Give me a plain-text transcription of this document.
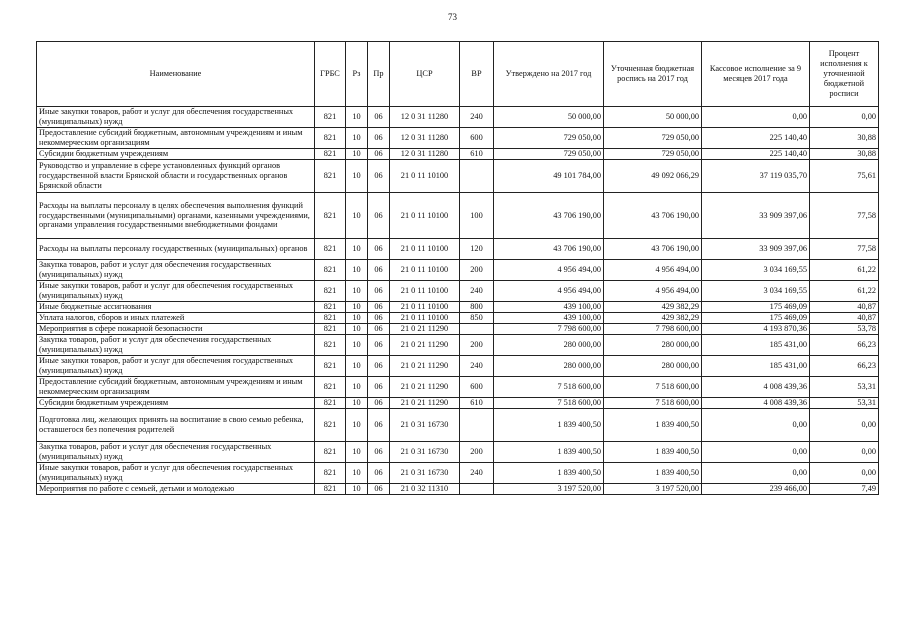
73
Наименование	ГРБС	Рз	Пр	ЦСР	ВР	Утверждено на 2017 год	Уточненная бюджетная роспись на 2017 год	Кассовое исполнение за 9 месяцев 2017 года	Процент исполнения к уточненной бюджетной росписи
Иные закупки товаров, работ и услуг для обеспечения государственных (муниципальных) нужд	821	10	06	12 0 31 11280	240	50 000,00	50 000,00	0,00	0,00
Предоставление субсидий бюджетным, автономным учреждениям и иным некоммерческим организациям	821	10	06	12 0 31 11280	600	729 050,00	729 050,00	225 140,40	30,88
Субсидии бюджетным учреждениям	821	10	06	12 0 31 11280	610	729 050,00	729 050,00	225 140,40	30,88
Руководство и управление в сфере установленных функций органов государственной власти Брянской области и государственных органов Брянской области	821	10	06	21 0 11 10100		49 101 784,00	49 092 066,29	37 119 035,70	75,61
Расходы на выплаты персоналу в целях обеспечения выполнения функций государственными (муниципальными) органами, казенными учреждениями, органами управления государственными внебюджетными фондами	821	10	06	21 0 11 10100	100	43 706 190,00	43 706 190,00	33 909 397,06	77,58
Расходы на выплаты персоналу государственных (муниципальных) органов	821	10	06	21 0 11 10100	120	43 706 190,00	43 706 190,00	33 909 397,06	77,58
Закупка товаров, работ и услуг для обеспечения государственных (муниципальных) нужд	821	10	06	21 0 11 10100	200	4 956 494,00	4 956 494,00	3 034 169,55	61,22
Иные закупки товаров, работ и услуг для обеспечения государственных (муниципальных) нужд	821	10	06	21 0 11 10100	240	4 956 494,00	4 956 494,00	3 034 169,55	61,22
Иные бюджетные ассигнования	821	10	06	21 0 11 10100	800	439 100,00	429 382,29	175 469,09	40,87
Уплата налогов, сборов и иных платежей	821	10	06	21 0 11 10100	850	439 100,00	429 382,29	175 469,09	40,87
Мероприятия в сфере пожарной безопасности	821	10	06	21 0 21 11290		7 798 600,00	7 798 600,00	4 193 870,36	53,78
Закупка товаров, работ и услуг для обеспечения государственных (муниципальных) нужд	821	10	06	21 0 21 11290	200	280 000,00	280 000,00	185 431,00	66,23
Иные закупки товаров, работ и услуг для обеспечения государственных (муниципальных) нужд	821	10	06	21 0 21 11290	240	280 000,00	280 000,00	185 431,00	66,23
Предоставление субсидий бюджетным, автономным учреждениям и иным некоммерческим организациям	821	10	06	21 0 21 11290	600	7 518 600,00	7 518 600,00	4 008 439,36	53,31
Субсидии бюджетным учреждениям	821	10	06	21 0 21 11290	610	7 518 600,00	7 518 600,00	4 008 439,36	53,31
Подготовка лиц, желающих принять на воспитание в свою семью ребенка, оставшегося без попечения родителей	821	10	06	21 0 31 16730		1 839 400,50	1 839 400,50	0,00	0,00
Закупка товаров, работ и услуг для обеспечения государственных (муниципальных) нужд	821	10	06	21 0 31 16730	200	1 839 400,50	1 839 400,50	0,00	0,00
Иные закупки товаров, работ и услуг для обеспечения государственных (муниципальных) нужд	821	10	06	21 0 31 16730	240	1 839 400,50	1 839 400,50	0,00	0,00
Мероприятия по работе с семьей, детьми и молодежью	821	10	06	21 0 32 11310		3 197 520,00	3 197 520,00	239 466,00	7,49
